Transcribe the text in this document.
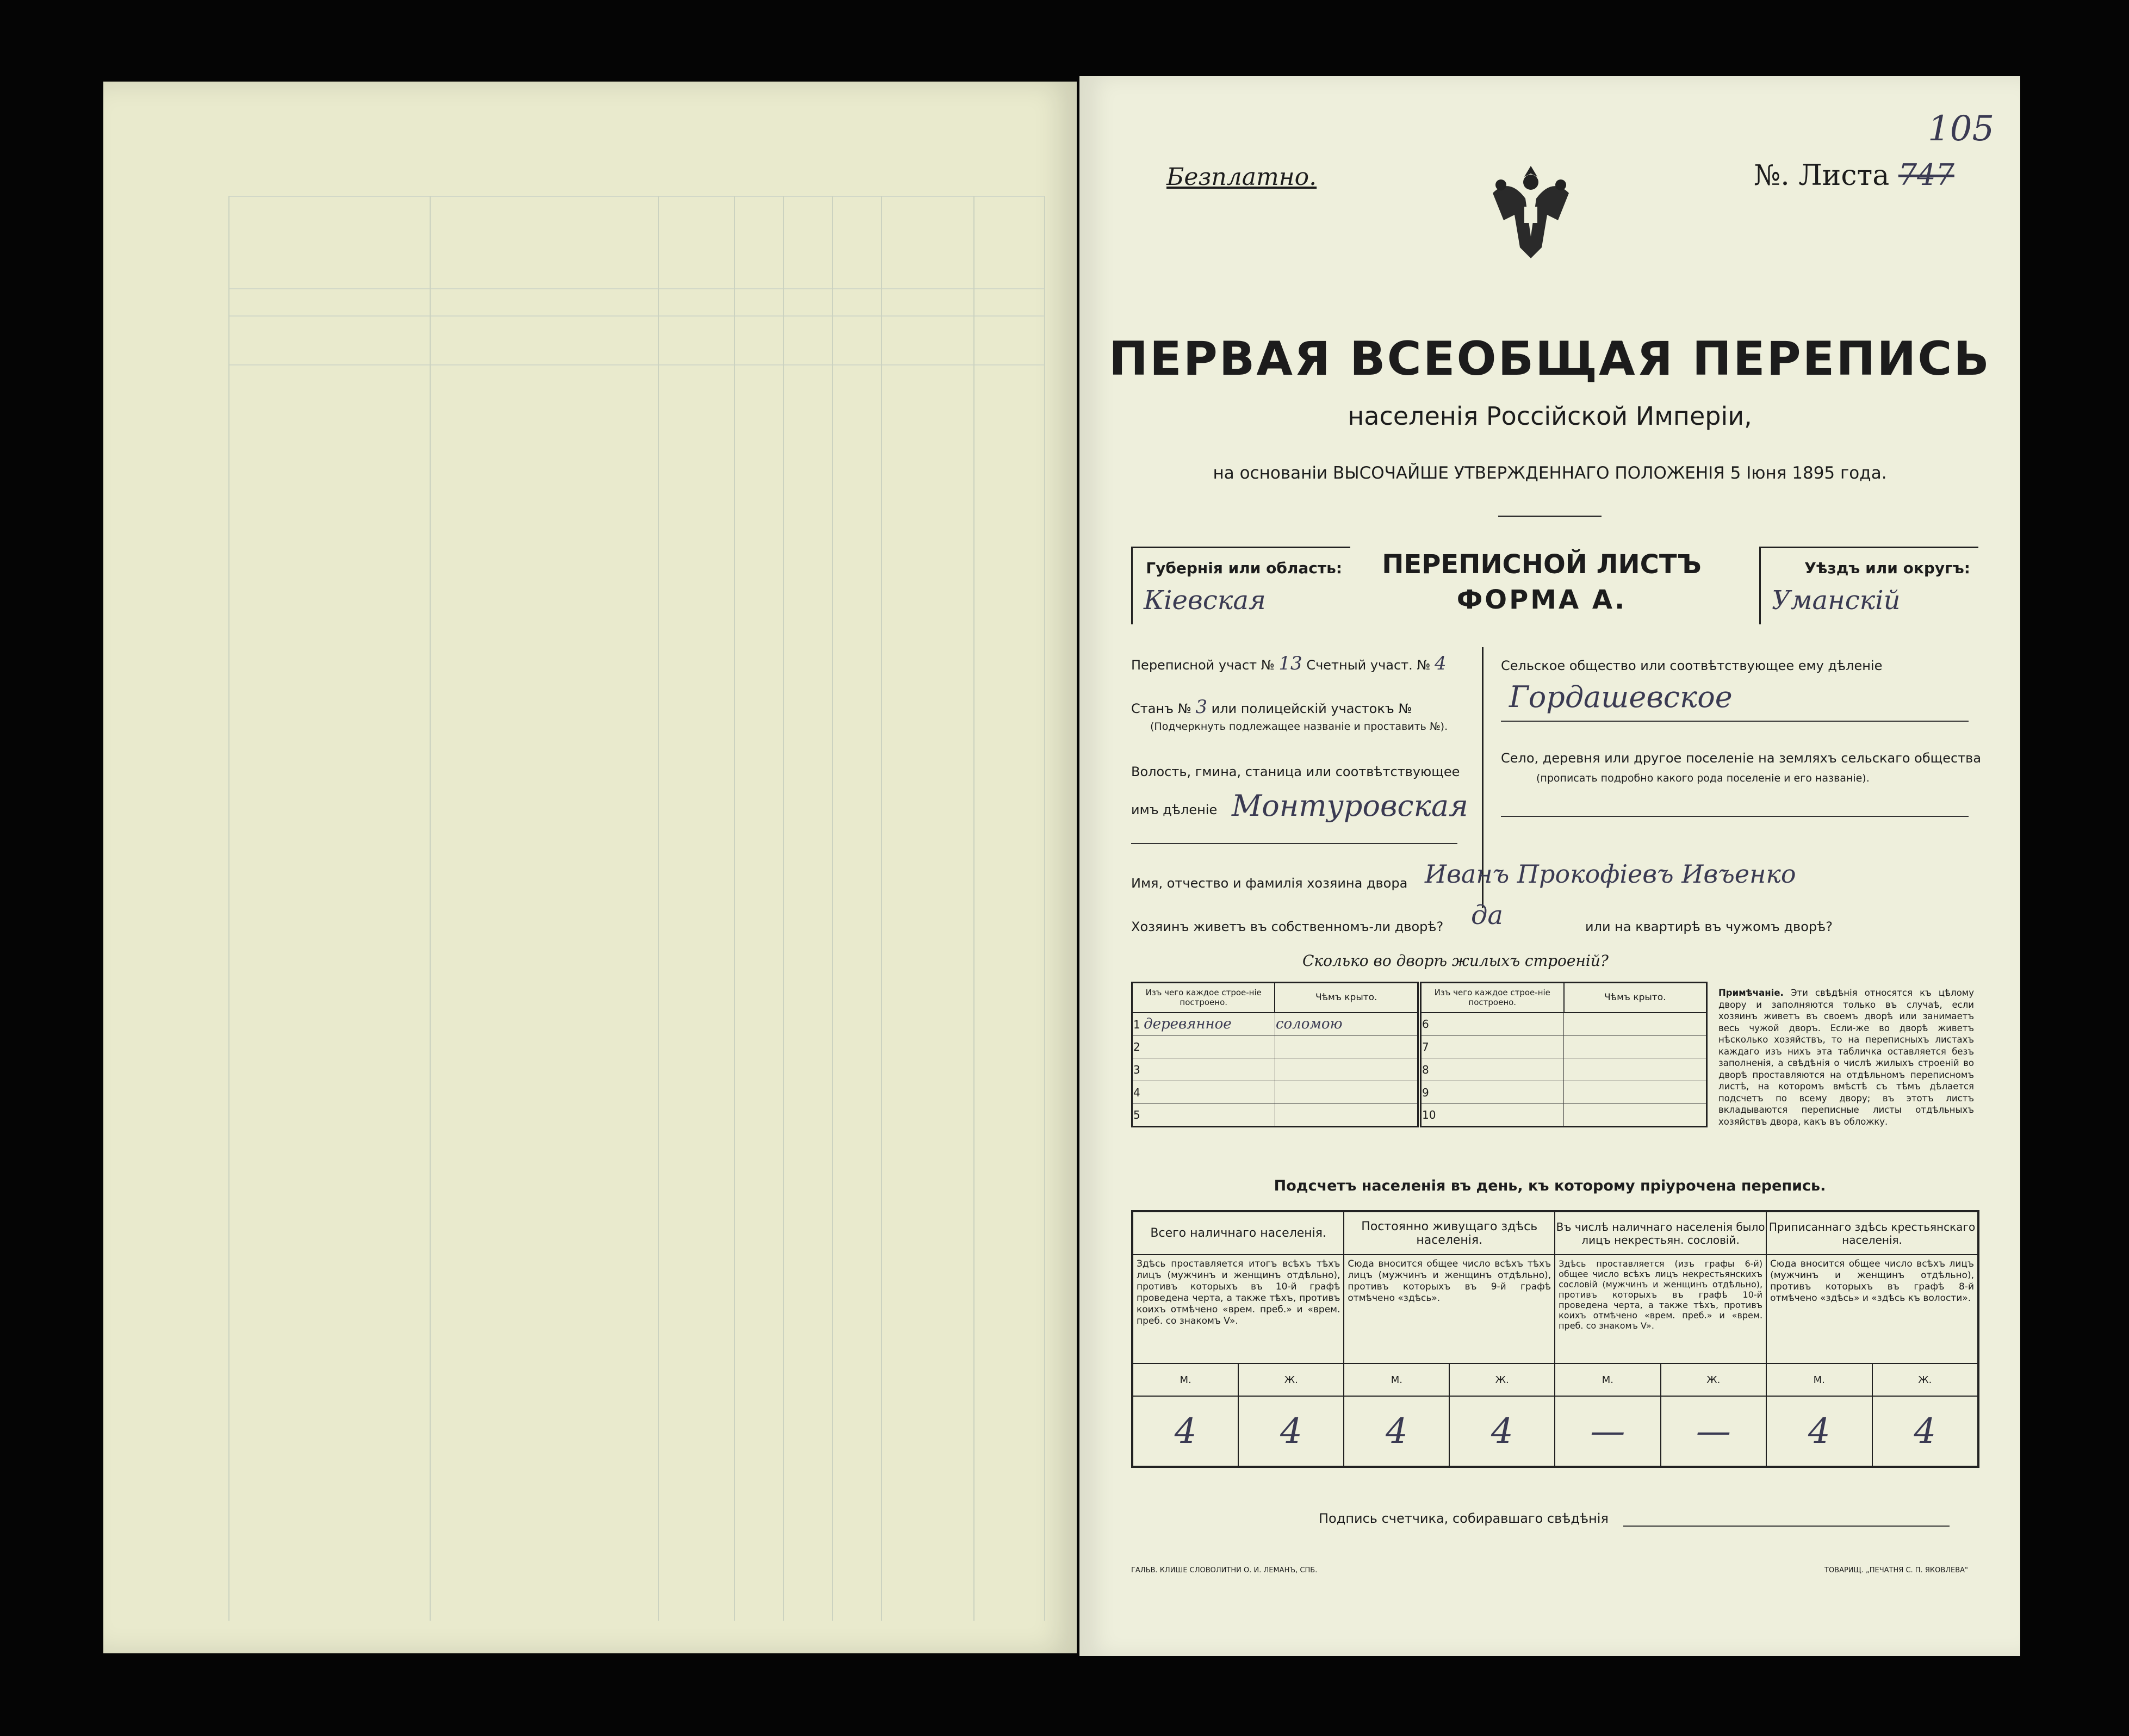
105
Безплатно.	№. Листа 747
ПЕРВАЯ ВСЕОБЩАЯ ПЕРЕПИСЬ
населенія Россійской Имперіи,
на основаніи ВЫСОЧАЙШЕ УТВЕРЖДЕННАГО ПОЛОЖЕНІЯ 5 Іюня 1895 года.
Губернія или область:
Кіевская
ПЕРЕПИСНОЙ ЛИСТЪ
ФОРМА А.
Уѣздъ или округъ:
Уманскій
Переписной участ № 13 Счетный участ. № 4
Станъ № 3 или полицейскій участокъ №
(Подчеркнуть подлежащее названіе и проставить №).
Волость, гмина, станица или соотвѣтствующее
имъ дѣленіе Монтуровская
Сельское общество или соотвѣтствующее ему дѣленіе
Гордашевское
Село, деревня или другое поселеніе на земляхъ сельскаго общества
(прописать подробно какого рода поселеніе и его названіе).
Имя, отчество и фамилія хозяина двора Иванъ Прокофіевъ Ивъенко
Хозяинъ живетъ въ собственномъ-ли дворѣ? да	или на квартирѣ въ чужомъ дворѣ?
Сколько во дворѣ жилыхъ строеній?
Изъ чего каждое строе-ніе построено.	Чѣмъ крыто.	Изъ чего каждое строе-ніе построено.	Чѣмъ крыто.
1 деревянное	соломою	6	
2		7	
3		8	
4		9	
5		10	
Примѣчаніе. Эти свѣдѣнія относятся къ цѣлому двору и заполняются только въ случаѣ, если хозяинъ живетъ въ своемъ дворѣ или занимаетъ весь чужой дворъ. Если-же во дворѣ живетъ нѣсколько хозяйствъ, то на переписныхъ листахъ каждаго изъ нихъ эта табличка оставляется безъ заполненія, а свѣдѣнія о числѣ жилыхъ строеній во дворѣ проставляются на отдѣльномъ переписномъ листѣ, на которомъ вмѣстѣ съ тѣмъ дѣлается подсчетъ по всему двору; въ этотъ листъ вкладываются переписные листы отдѣльныхъ хозяйствъ двора, какъ въ обложку.
Подсчетъ населенія въ день, къ которому пріурочена перепись.
Всего наличнаго населенія.		Постоянно живущаго здѣсь населенія.		Въ числѣ наличнаго населенія было лицъ некрестьян. сословій.		Приписаннаго здѣсь крестьянскаго населенія.	
Здѣсь проставляется итогъ всѣхъ тѣхъ лицъ (мужчинъ и женщинъ отдѣльно), противъ которыхъ въ 10-й графѣ проведена черта, а также тѣхъ, противъ коихъ отмѣчено «врем. преб.» и «врем. преб. со знакомъ V».		Сюда вносится общее число всѣхъ тѣхъ лицъ (мужчинъ и женщинъ отдѣльно), противъ которыхъ въ 9-й графѣ отмѣчено «здѣсь».		Здѣсь проставляется (изъ графы 6-й) общее число всѣхъ лицъ некрестьянскихъ сословій (мужчинъ и женщинъ отдѣльно), противъ которыхъ въ графѣ 10-й проведена черта, а также тѣхъ, противъ коихъ отмѣчено «врем. преб.» и «врем. преб. со знакомъ V».		Сюда вносится общее число всѣхъ лицъ (мужчинъ и женщинъ отдѣльно), противъ которыхъ въ графѣ 8-й отмѣчено «здѣсь» и «здѣсь къ волости».	
М.	Ж.	М.	Ж.	М.	Ж.	М.	Ж.
4	4	4	4	—	—	4	4
Подпись счетчика, собиравшаго свѣдѣнія
ГАЛЬВ. КЛИШЕ СЛОВОЛИТНИ О. И. ЛЕМАНЪ, СПБ.	ТОВАРИЩ. „ПЕЧАТНЯ С. П. ЯКОВЛЕВА"
